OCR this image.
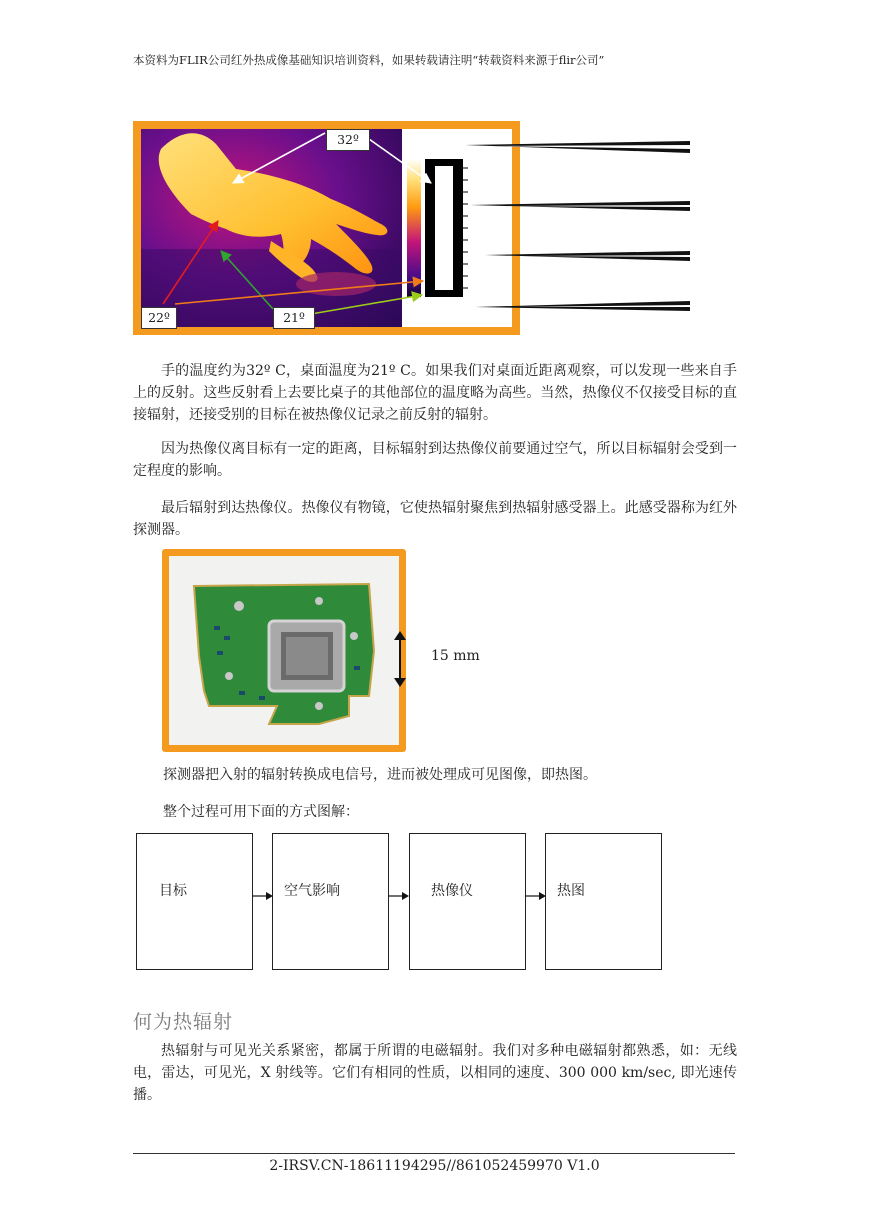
本资料为FLIR公司红外热成像基础知识培训资料，如果转载请注明“转载资料来源于flir公司”
32º
22º	21º

手的温度约为32º C，桌面温度为21º C。如果我们对桌面近距离观察，可以发现一些来自手上的反射。这些反射看上去要比桌子的其他部位的温度略为高些。当然，热像仪不仅接受目标的直接辐射，还接受别的目标在被热像仪记录之前反射的辐射。

因为热像仪离目标有一定的距离，目标辐射到达热像仪前要通过空气，所以目标辐射会受到一定程度的影响。

最后辐射到达热像仪。热像仪有物镜，它使热辐射聚焦到热辐射感受器上。此感受器称为红外探测器。

15 mm
探测器把入射的辐射转换成电信号，进而被处理成可见图像，即热图。
整个过程可用下面的方式图解：
目标	空气影响	热像仪	热图
何为热辐射

热辐射与可见光关系紧密，都属于所谓的电磁辐射。我们对多种电磁辐射都熟悉，如：无线电，雷达，可见光，X 射线等。它们有相同的性质，以相同的速度、300 000 km/sec, 即光速传播。

2-IRSV.CN-18611194295//861052459970 V1.0
